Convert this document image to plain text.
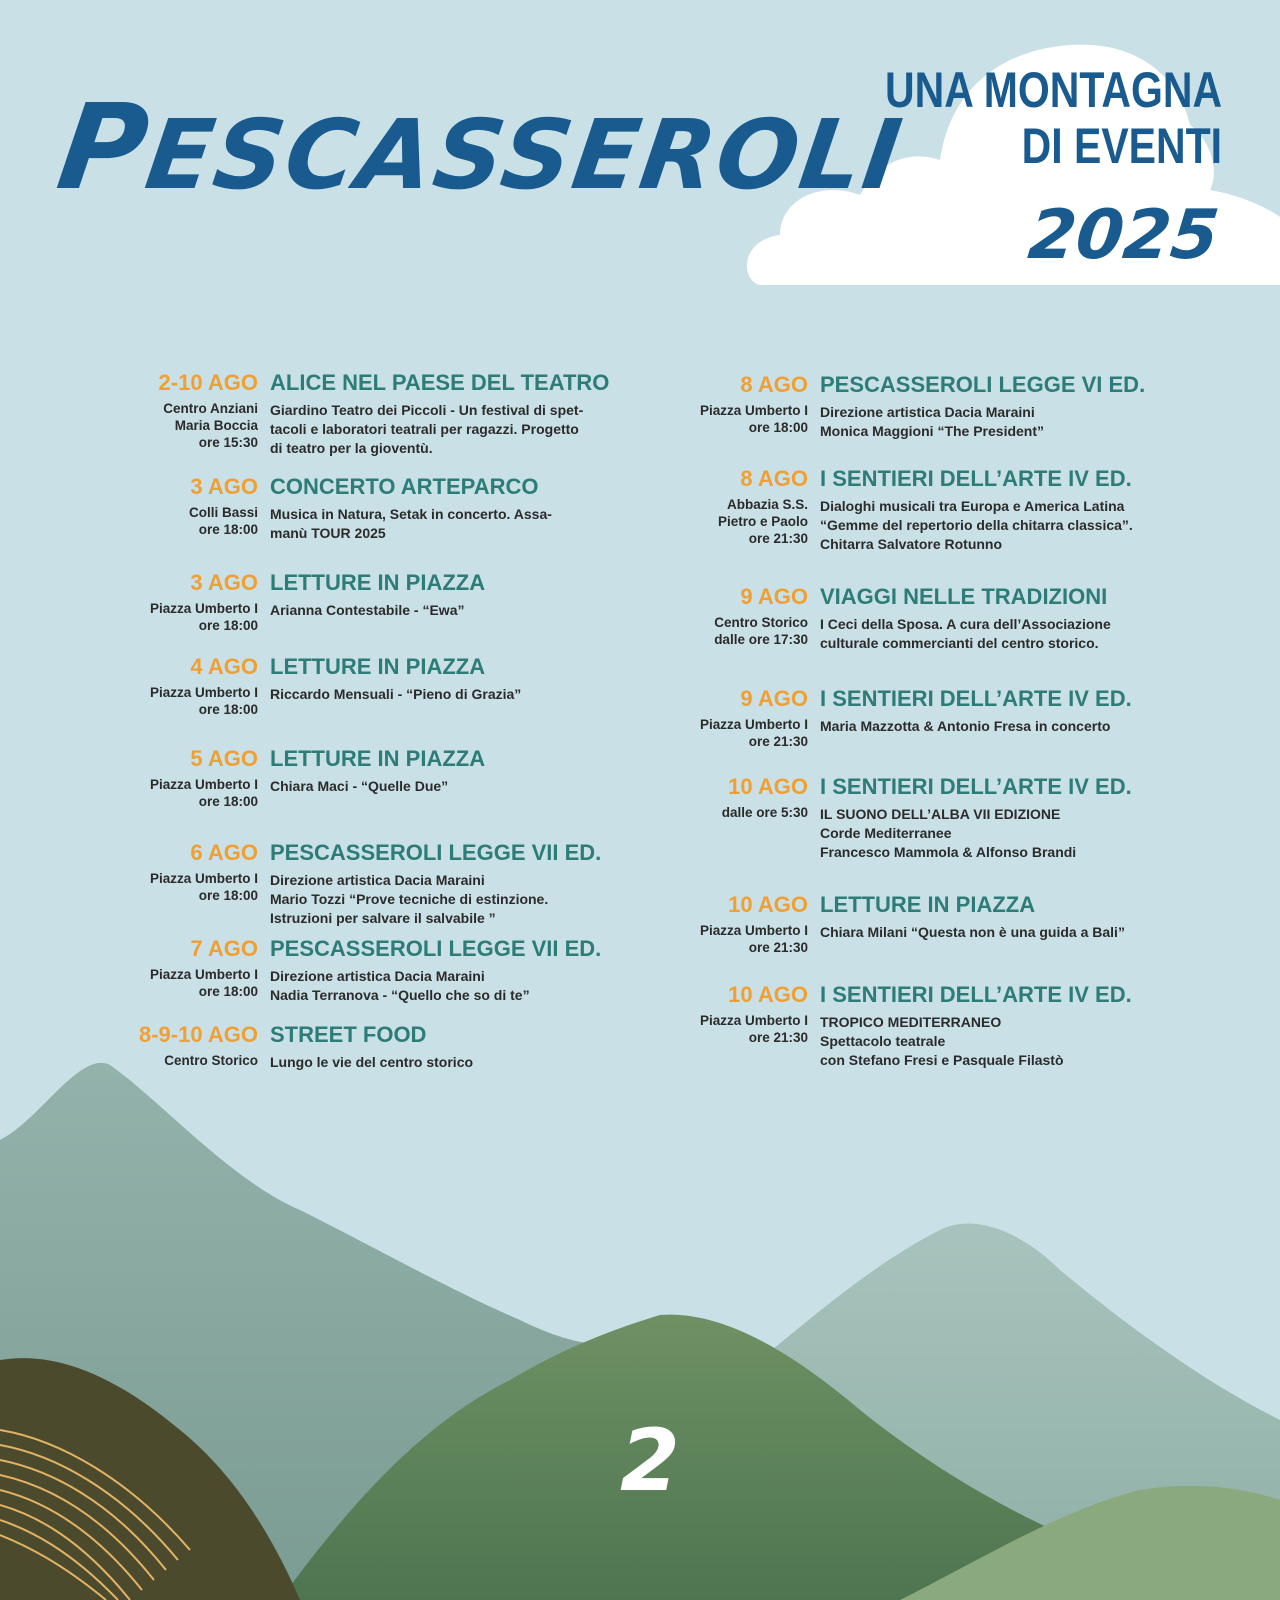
PESCASSEROLI
UNA MONTAGNA
DI EVENTI
2025
2-10 AGO ALICE NEL PAESE DEL TEATRO
Centro Anziani
Maria Boccia
ore 15:30
Giardino Teatro dei Piccoli - Un festival di spet-
tacoli e laboratori teatrali per ragazzi. Progetto
di teatro per la gioventù.
3 AGO CONCERTO ARTEPARCO
Colli Bassi
ore 18:00
Musica in Natura, Setak in concerto. Assa-
manù TOUR 2025
3 AGO LETTURE IN PIAZZA
Piazza Umberto I
ore 18:00
Arianna Contestabile - “Ewa”
4 AGO LETTURE IN PIAZZA
Piazza Umberto I
ore 18:00
Riccardo Mensuali - “Pieno di Grazia”
5 AGO LETTURE IN PIAZZA
Piazza Umberto I
ore 18:00
Chiara Maci - “Quelle Due”
6 AGO PESCASSEROLI LEGGE VII ED.
Piazza Umberto I
ore 18:00
Direzione artistica Dacia Maraini
Mario Tozzi “Prove tecniche di estinzione.
Istruzioni per salvare il salvabile ”
7 AGO PESCASSEROLI LEGGE VII ED.
Piazza Umberto I
ore 18:00
Direzione artistica Dacia Maraini
Nadia Terranova - “Quello che so di te”
8-9-10 AGO STREET FOOD
Centro Storico Lungo le vie del centro storico
8 AGO PESCASSEROLI LEGGE VI ED.
Piazza Umberto I
ore 18:00
Direzione artistica Dacia Maraini
Monica Maggioni “The President”
8 AGO I SENTIERI DELL’ARTE IV ED.
Abbazia S.S.
Pietro e Paolo
ore 21:30
Dialoghi musicali tra Europa e America Latina
“Gemme del repertorio della chitarra classica”.
Chitarra Salvatore Rotunno
9 AGO VIAGGI NELLE TRADIZIONI
Centro Storico
dalle ore 17:30
I Ceci della Sposa. A cura dell’Associazione
culturale commercianti del centro storico.
9 AGO I SENTIERI DELL’ARTE IV ED.
Piazza Umberto I
ore 21:30
Maria Mazzotta & Antonio Fresa in concerto
10 AGO I SENTIERI DELL’ARTE IV ED.
dalle ore 5:30 IL SUONO DELL’ALBA VII EDIZIONE
Corde Mediterranee
Francesco Mammola & Alfonso Brandi
10 AGO LETTURE IN PIAZZA
Piazza Umberto I
ore 21:30
Chiara Milani “Questa non è una guida a Bali”
10 AGO I SENTIERI DELL’ARTE IV ED.
Piazza Umberto I
ore 21:30
TROPICO MEDITERRANEO
Spettacolo teatrale
con Stefano Fresi e Pasquale Filastò
2
